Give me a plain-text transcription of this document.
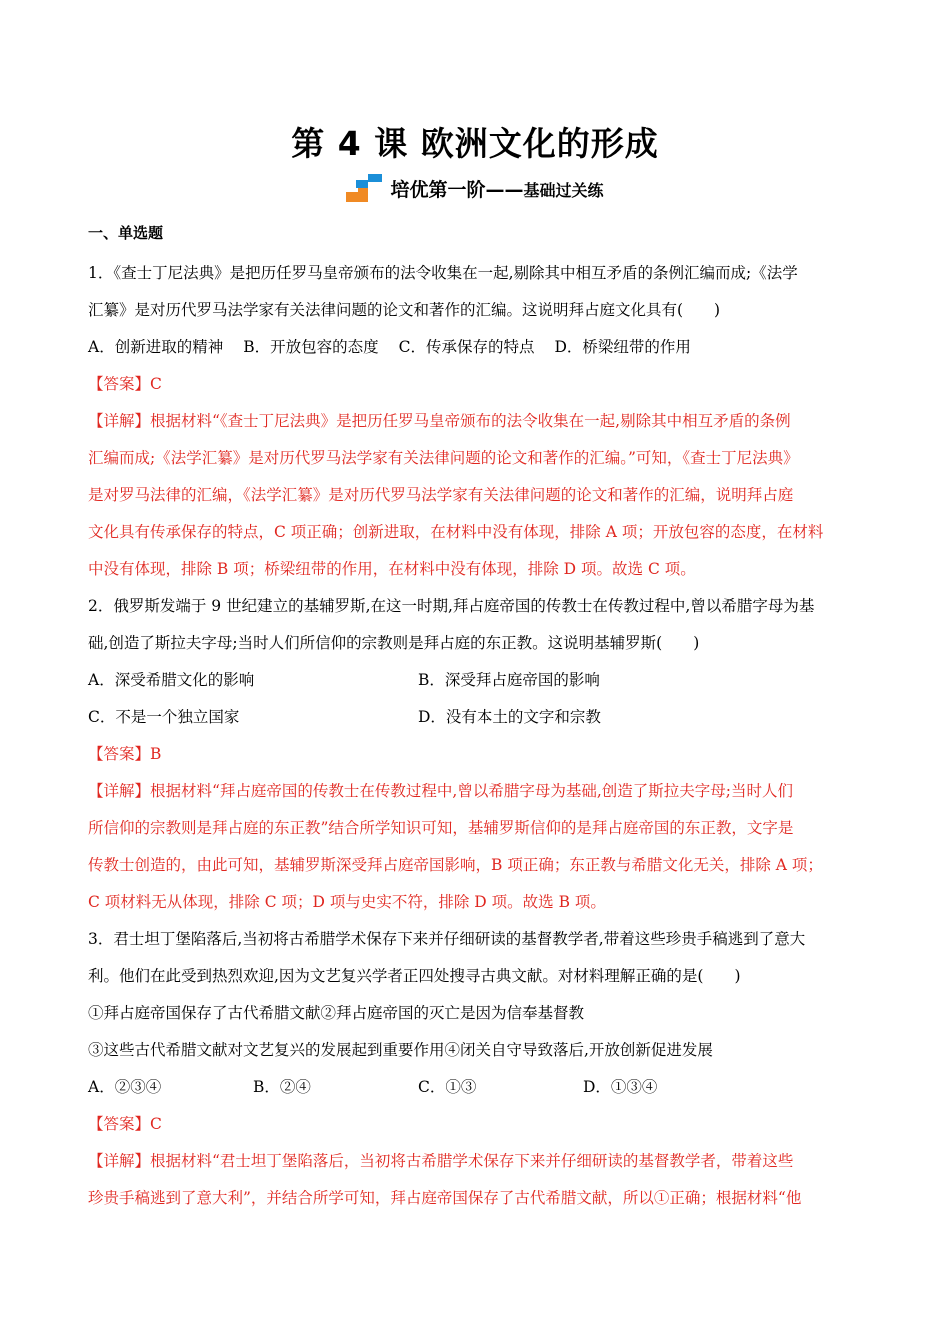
第 4 课 欧洲文化的形成
培优第一阶——基础过关练
一、单选题
1．《查士丁尼法典》是把历任罗马皇帝颁布的法令收集在一起,剔除其中相互矛盾的条例汇编而成;《法学
汇纂》是对历代罗马法学家有关法律问题的论文和著作的汇编。这说明拜占庭文化具有(　　)
A．创新进取的精神 B．开放包容的态度 C．传承保存的特点 D．桥梁纽带的作用
【答案】C
【详解】根据材料“《查士丁尼法典》是把历任罗马皇帝颁布的法令收集在一起,剔除其中相互矛盾的条例
汇编而成;《法学汇纂》是对历代罗马法学家有关法律问题的论文和著作的汇编。”可知，《查士丁尼法典》
是对罗马法律的汇编，《法学汇纂》是对历代罗马法学家有关法律问题的论文和著作的汇编，说明拜占庭
文化具有传承保存的特点，C 项正确；创新进取，在材料中没有体现，排除 A 项；开放包容的态度，在材料
中没有体现，排除 B 项；桥梁纽带的作用，在材料中没有体现，排除 D 项。故选 C 项。
2．俄罗斯发端于 9 世纪建立的基辅罗斯,在这一时期,拜占庭帝国的传教士在传教过程中,曾以希腊字母为基
础,创造了斯拉夫字母;当时人们所信仰的宗教则是拜占庭的东正教。这说明基辅罗斯(　　)
A．深受希腊文化的影响	B．深受拜占庭帝国的影响
C．不是一个独立国家	D．没有本土的文字和宗教
【答案】B
【详解】根据材料“拜占庭帝国的传教士在传教过程中,曾以希腊字母为基础,创造了斯拉夫字母;当时人们
所信仰的宗教则是拜占庭的东正教”结合所学知识可知，基辅罗斯信仰的是拜占庭帝国的东正教，文字是
传教士创造的，由此可知，基辅罗斯深受拜占庭帝国影响，B 项正确；东正教与希腊文化无关，排除 A 项；
C 项材料无从体现，排除 C 项；D 项与史实不符，排除 D 项。故选 B 项。
3．君士坦丁堡陷落后,当初将古希腊学术保存下来并仔细研读的基督教学者,带着这些珍贵手稿逃到了意大
利。他们在此受到热烈欢迎,因为文艺复兴学者正四处搜寻古典文献。对材料理解正确的是(　　)
①拜占庭帝国保存了古代希腊文献②拜占庭帝国的灭亡是因为信奉基督教
③这些古代希腊文献对文艺复兴的发展起到重要作用④闭关自守导致落后,开放创新促进发展
A．②③④	B．②④	C．①③	D．①③④
【答案】C
【详解】根据材料“君士坦丁堡陷落后，当初将古希腊学术保存下来并仔细研读的基督教学者，带着这些
珍贵手稿逃到了意大利”，并结合所学可知，拜占庭帝国保存了古代希腊文献，所以①正确；根据材料“他
